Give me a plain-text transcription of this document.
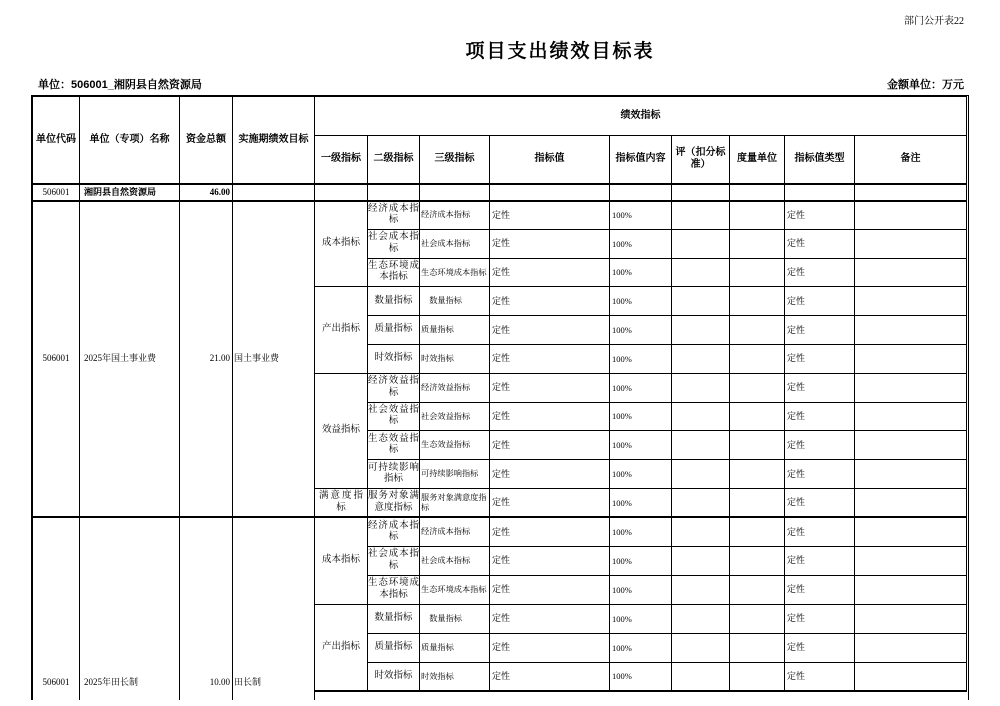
部门公开表22
项目支出绩效目标表
单位：506001_湘阴县自然资源局	金额单位：万元
单位代码	单位（专项）名称	资金总额	实施期绩效目标	绩效指标								
				一级指标	二级指标	三级指标	指标值	指标值内容	评（扣分标准）	度量单位	指标值类型	备注
506001	湘阴县自然资源局	46.00										
506001	2025年国土事业费	21.00	国土事业费	成本指标	经济成本指标	经济成本指标	定性	100%			定性	
					社会成本指标	社会成本指标	定性	100%			定性	
					生态环境成本指标	生态环境成本指标	定性	100%			定性	
				产出指标	数量指标	　数量指标	定性	100%			定性	
					质量指标	质量指标	定性	100%			定性	
					时效指标	时效指标	定性	100%			定性	
				效益指标	经济效益指标	经济效益指标	定性	100%			定性	
					社会效益指标	社会效益指标	定性	100%			定性	
					生态效益指标	生态效益指标	定性	100%			定性	
					可持续影响指标	可持续影响指标	定性	100%			定性	
				满意度指标	服务对象满意度指标	服务对象满意度指标	定性	100%			定性	
506001	2025年田长制	10.00	田长制	成本指标	经济成本指标	经济成本指标	定性	100%			定性	
					社会成本指标	社会成本指标	定性	100%			定性	
					生态环境成本指标	生态环境成本指标	定性	100%			定性	
				产出指标	数量指标	　数量指标	定性	100%			定性	
					质量指标	质量指标	定性	100%			定性	
					时效指标	时效指标	定性	100%			定性	
